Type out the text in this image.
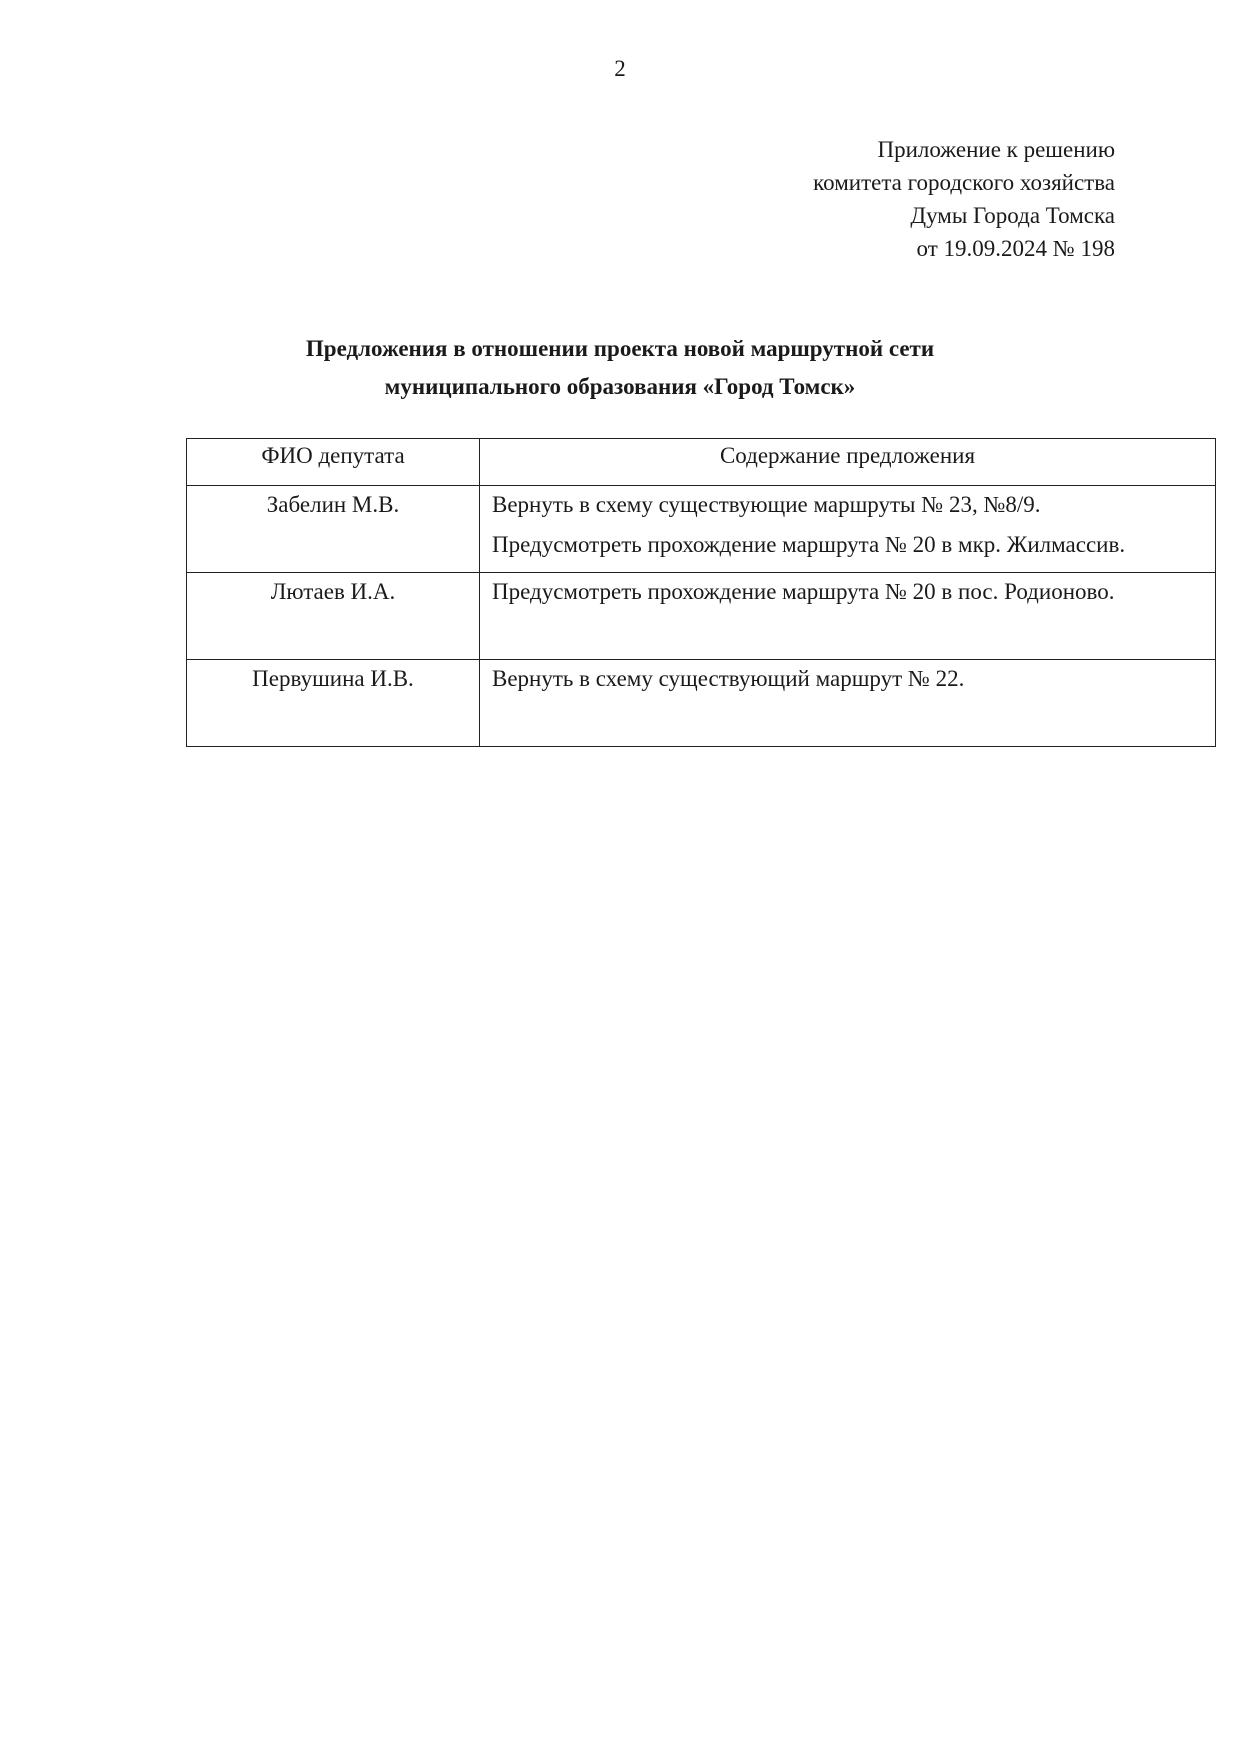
2
Приложение к решению
комитета городского хозяйства
Думы Города Томска
от 19.09.2024 № 198
Предложения в отношении проекта новой маршрутной сети
муниципального образования «Город Томск»
ФИО депутата	Содержание предложения
Забелин М.В.	Вернуть в схему существующие маршруты № 23, №8/9.
Предусмотреть прохождение маршрута № 20 в мкр. Жилмассив.

Лютаев И.А.	Предусмотреть прохождение маршрута № 20 в пос. Родионово.

Первушина И.В.	Вернуть в схему существующий маршрут № 22.
